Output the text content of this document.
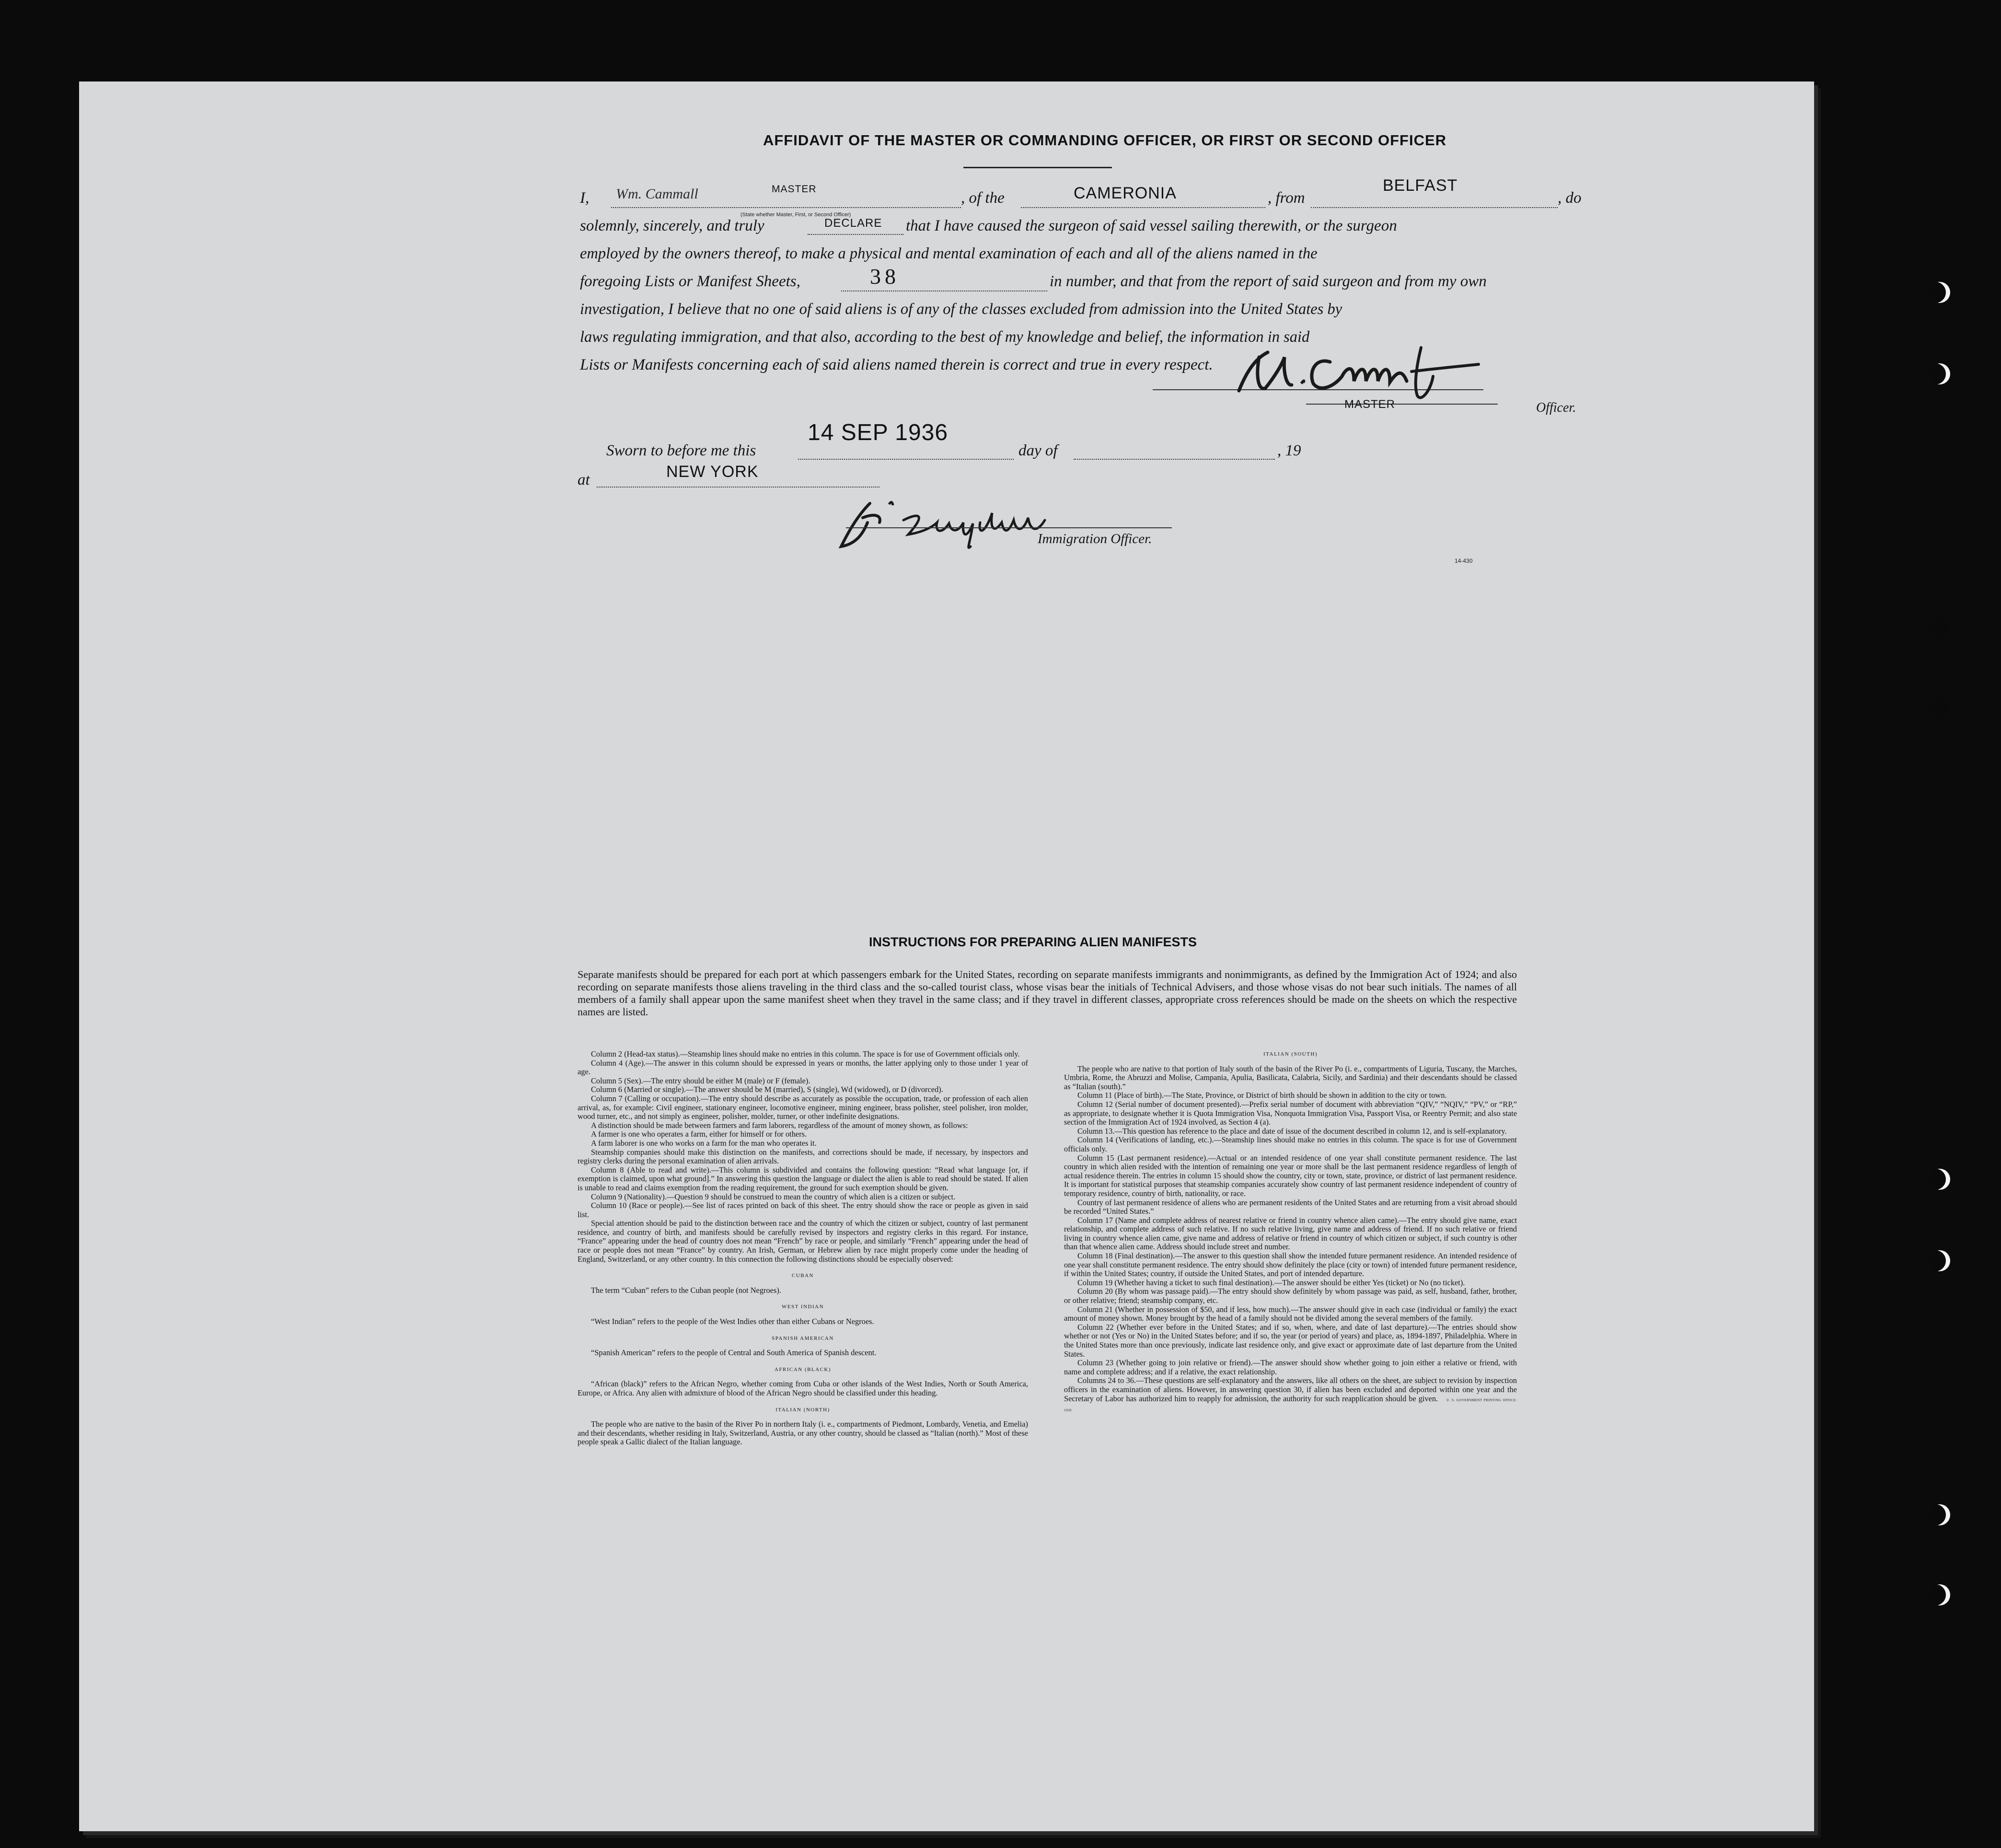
AFFIDAVIT OF THE MASTER OR COMMANDING OFFICER, OR FIRST OR SECOND OFFICER
I, Wm. Cammall	MASTER
(State whether Master, First, or Second Officer)
, of the	CAMERONIA	, from
BELFAST
, do
solemnly, sincerely, and truly	DECLARE that I have caused the surgeon of said vessel sailing therewith, or the surgeon
employed by the owners thereof, to make a physical and mental examination of each and all of the aliens named in the
foregoing Lists or Manifest Sheets,	38	in number, and that from the report of said surgeon and from my own
investigation, I believe that no one of said aliens is of any of the classes excluded from admission into the United States by
laws regulating immigration, and that also, according to the best of my knowledge and belief, the information in said
Lists or Manifests concerning each of said aliens named therein is correct and true in every respect.
MASTER	Officer.
Sworn to before me this
14 SEP 1936
day of	, 19
at	NEW YORK
Immigration Officer.
14-430
INSTRUCTIONS FOR PREPARING ALIEN MANIFESTS
Separate manifests should be prepared for each port at which passengers embark for the United States, recording on separate manifests immigrants and nonimmigrants, as defined by the Immigration Act of 1924; and also recording on separate manifests those aliens traveling in the third class and the so-called tourist class, whose visas bear the initials of Technical Advisers, and those whose visas do not bear such initials. The names of all members of a family shall appear upon the same manifest sheet when they travel in the same class; and if they travel in different classes, appropriate cross references should be made on the sheets on which the respective names are listed.

Column 2 (Head-tax status).—Steamship lines should make no entries in this column. The space is for use of Government officials only.

Column 4 (Age).—The answer in this column should be expressed in years or months, the latter applying only to those under 1 year of age.

Column 5 (Sex).—The entry should be either M (male) or F (female).

Column 6 (Married or single).—The answer should be M (married), S (single), Wd (widowed), or D (divorced).

Column 7 (Calling or occupation).—The entry should describe as accurately as possible the occupation, trade, or profession of each alien arrival, as, for example: Civil engineer, stationary engineer, locomotive engineer, mining engineer, brass polisher, steel polisher, iron molder, wood turner, etc., and not simply as engineer, polisher, molder, turner, or other indefinite designations.

A distinction should be made between farmers and farm laborers, regardless of the amount of money shown, as follows:

A farmer is one who operates a farm, either for himself or for others.

A farm laborer is one who works on a farm for the man who operates it.

Steamship companies should make this distinction on the manifests, and corrections should be made, if necessary, by inspectors and registry clerks during the personal examination of alien arrivals.

Column 8 (Able to read and write).—This column is subdivided and contains the following question: “Read what language [or, if exemption is claimed, upon what ground].” In answering this question the language or dialect the alien is able to read should be stated. If alien is unable to read and claims exemption from the reading requirement, the ground for such exemption should be given.

Column 9 (Nationality).—Question 9 should be construed to mean the country of which alien is a citizen or subject.

Column 10 (Race or people).—See list of races printed on back of this sheet. The entry should show the race or people as given in said list.

Special attention should be paid to the distinction between race and the country of which the citizen or subject, country of last permanent residence, and country of birth, and manifests should be carefully revised by inspectors and registry clerks in this regard. For instance, “France” appearing under the head of country does not mean “French” by race or people, and similarly “French” appearing under the head of race or people does not mean “France” by country. An Irish, German, or Hebrew alien by race might properly come under the heading of England, Switzerland, or any other country. In this connection the following distinctions should be especially observed:

CUBAN

The term “Cuban” refers to the Cuban people (not Negroes).

WEST INDIAN

“West Indian” refers to the people of the West Indies other than either Cubans or Negroes.

SPANISH AMERICAN

“Spanish American” refers to the people of Central and South America of Spanish descent.

AFRICAN (BLACK)

“African (black)” refers to the African Negro, whether coming from Cuba or other islands of the West Indies, North or South America, Europe, or Africa. Any alien with admixture of blood of the African Negro should be classified under this heading.

ITALIAN (NORTH)

The people who are native to the basin of the River Po in northern Italy (i. e., compartments of Piedmont, Lombardy, Venetia, and Emelia) and their descendants, whether residing in Italy, Switzerland, Austria, or any other country, should be classed as “Italian (north).” Most of these people speak a Gallic dialect of the Italian language.

ITALIAN (SOUTH)

The people who are native to that portion of Italy south of the basin of the River Po (i. e., compartments of Liguria, Tuscany, the Marches, Umbria, Rome, the Abruzzi and Molise, Campania, Apulia, Basilicata, Calabria, Sicily, and Sardinia) and their descendants should be classed as “Italian (south).”

Column 11 (Place of birth).—The State, Province, or District of birth should be shown in addition to the city or town.

Column 12 (Serial number of document presented).—Prefix serial number of document with abbreviation “QIV,” “NQIV,” “PV,” or “RP,” as appropriate, to designate whether it is Quota Immigration Visa, Nonquota Immigration Visa, Passport Visa, or Reentry Permit; and also state section of the Immigration Act of 1924 involved, as Section 4 (a).

Column 13.—This question has reference to the place and date of issue of the document described in column 12, and is self-explanatory.

Column 14 (Verifications of landing, etc.).—Steamship lines should make no entries in this column. The space is for use of Government officials only.

Column 15 (Last permanent residence).—Actual or an intended residence of one year shall constitute permanent residence. The last country in which alien resided with the intention of remaining one year or more shall be the last permanent residence regardless of length of actual residence therein. The entries in column 15 should show the country, city or town, state, province, or district of last permanent residence. It is important for statistical purposes that steamship companies accurately show country of last permanent residence independent of country of temporary residence, country of birth, nationality, or race.

Country of last permanent residence of aliens who are permanent residents of the United States and are returning from a visit abroad should be recorded “United States.”

Column 17 (Name and complete address of nearest relative or friend in country whence alien came).—The entry should give name, exact relationship, and complete address of such relative. If no such relative living, give name and address of friend. If no such relative or friend living in country whence alien came, give name and address of relative or friend in country of which citizen or subject, if such country is other than that whence alien came. Address should include street and number.

Column 18 (Final destination).—The answer to this question shall show the intended future permanent residence. An intended residence of one year shall constitute permanent residence. The entry should show definitely the place (city or town) of intended future permanent residence, if within the United States; country, if outside the United States, and port of intended departure.

Column 19 (Whether having a ticket to such final destination).—The answer should be either Yes (ticket) or No (no ticket).

Column 20 (By whom was passage paid).—The entry should show definitely by whom passage was paid, as self, husband, father, brother, or other relative; friend; steamship company, etc.

Column 21 (Whether in possession of $50, and if less, how much).—The answer should give in each case (individual or family) the exact amount of money shown. Money brought by the head of a family should not be divided among the several members of the family.

Column 22 (Whether ever before in the United States; and if so, when, where, and date of last departure).—The entries should show whether or not (Yes or No) in the United States before; and if so, the year (or period of years) and place, as, 1894-1897, Philadelphia. Where in the United States more than once previously, indicate last residence only, and give exact or approximate date of last departure from the United States.

Column 23 (Whether going to join relative or friend).—The answer should show whether going to join either a relative or friend, with name and complete address; and if a relative, the exact relationship.

Columns 24 to 36.—These questions are self-explanatory and the answers, like all others on the sheet, are subject to revision by inspection officers in the examination of aliens. However, in answering question 30, if alien has been excluded and deported within one year and the Secretary of Labor has authorized him to reapply for admission, the authority for such reapplication should be given.	U. S. GOVERNMENT PRINTING OFFICE: 1936
